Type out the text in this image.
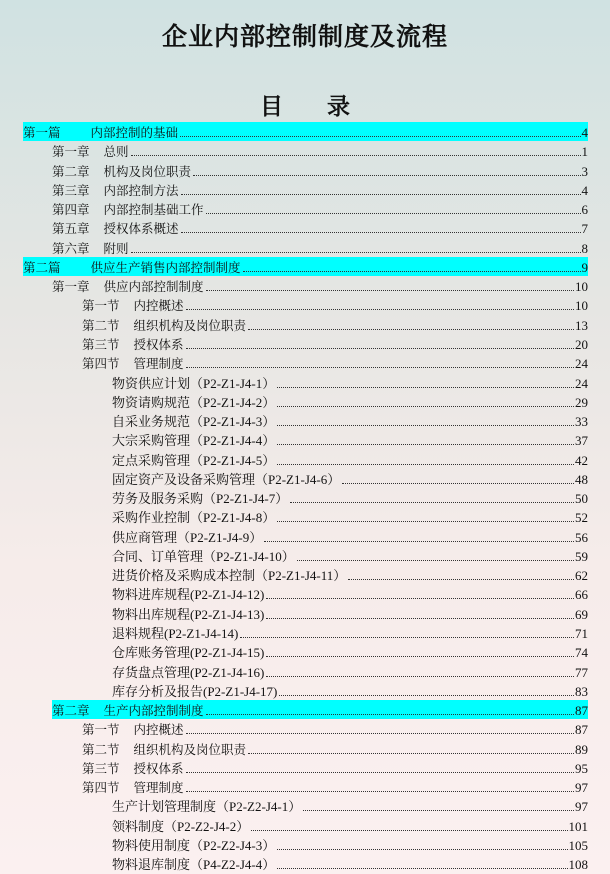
企业内部控制制度及流程
目 录
第一篇 内部控制的基础	4
第一章 总则	1
第二章 机构及岗位职责	3
第三章 内部控制方法	4
第四章 内部控制基础工作	6
第五章 授权体系概述	7
第六章 附则	8
第二篇 供应生产销售内部控制制度	9
第一章 供应内部控制制度	10
第一节 内控概述	10
第二节 组织机构及岗位职责	13
第三节 授权体系	20
第四节 管理制度	24
物资供应计划（P2-Z1-J4-1）	24
物资请购规范（P2-Z1-J4-2）	29
自采业务规范（P2-Z1-J4-3）	33
大宗采购管理（P2-Z1-J4-4）	37
定点采购管理（P2-Z1-J4-5）	42
固定资产及设备采购管理（P2-Z1-J4-6）	48
劳务及服务采购（P2-Z1-J4-7）	50
采购作业控制（P2-Z1-J4-8）	52
供应商管理（P2-Z1-J4-9）	56
合同、订单管理（P2-Z1-J4-10）	59
进货价格及采购成本控制（P2-Z1-J4-11）	62
物料进库规程(P2-Z1-J4-12)	66
物料出库规程(P2-Z1-J4-13)	69
退料规程(P2-Z1-J4-14)	71
仓库账务管理(P2-Z1-J4-15)	74
存货盘点管理(P2-Z1-J4-16)	77
库存分析及报告(P2-Z1-J4-17)	83
第二章 生产内部控制制度	87
第一节 内控概述	87
第二节 组织机构及岗位职责	89
第三节 授权体系	95
第四节 管理制度	97
生产计划管理制度（P2-Z2-J4-1）	97
领料制度（P2-Z2-J4-2）	101
物料使用制度（P2-Z2-J4-3）	105
物料退库制度（P4-Z2-J4-4）	108
